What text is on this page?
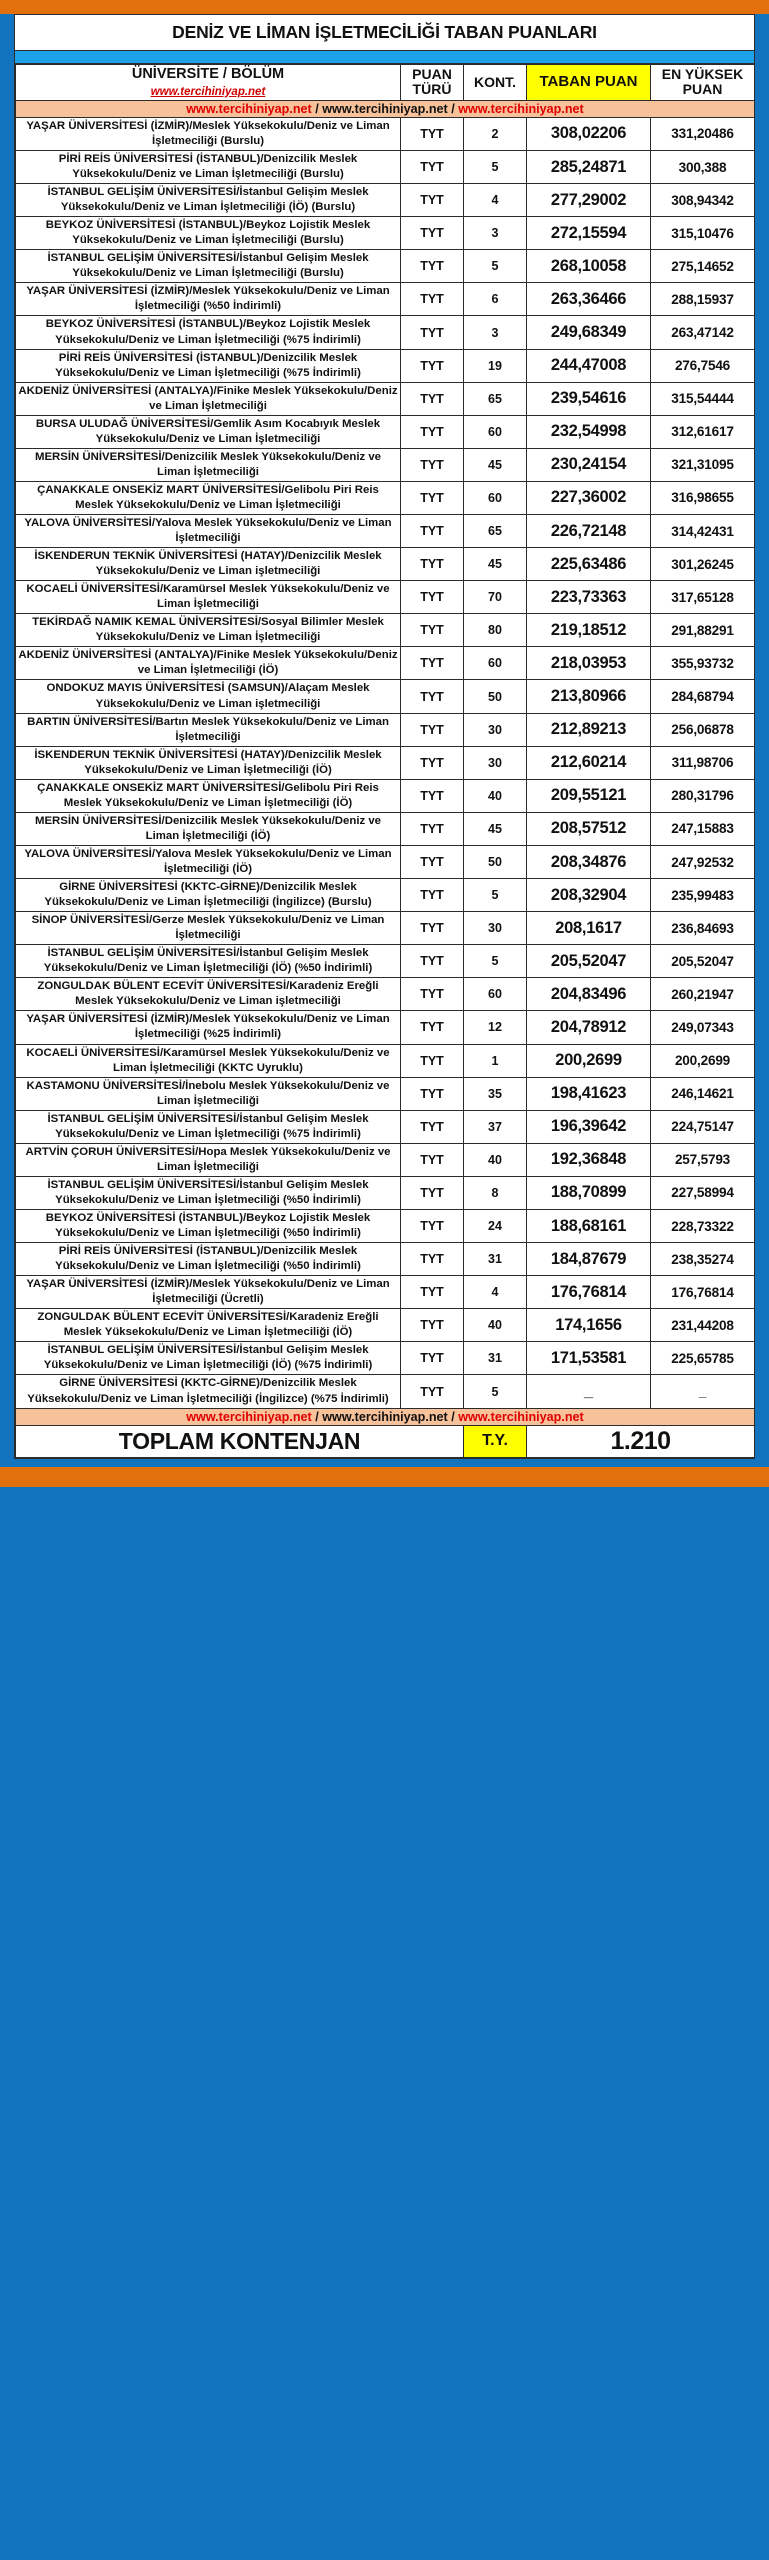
DENİZ VE LİMAN İŞLETMECİLİĞİ TABAN PUANLARI
ÜNİVERSİTE / BÖLÜM
www.tercihiniyap.net	PUAN TÜRÜ	KONT.	TABAN PUAN	EN YÜKSEK PUAN
www.tercihiniyap.net / www.tercihiniyap.net / www.tercihiniyap.net				
YAŞAR ÜNİVERSİTESİ (İZMİR)/Meslek Yüksekokulu/Deniz ve Liman İşletmeciliği (Burslu)	TYT	2	308,02206	331,20486
PİRİ REİS ÜNİVERSİTESİ (İSTANBUL)/Denizcilik Meslek Yüksekokulu/Deniz ve Liman İşletmeciliği (Burslu)	TYT	5	285,24871	300,388
İSTANBUL GELİŞİM ÜNİVERSİTESİ/İstanbul Gelişim Meslek Yüksekokulu/Deniz ve Liman İşletmeciliği (İÖ) (Burslu)	TYT	4	277,29002	308,94342
BEYKOZ ÜNİVERSİTESİ (İSTANBUL)/Beykoz Lojistik Meslek Yüksekokulu/Deniz ve Liman İşletmeciliği (Burslu)	TYT	3	272,15594	315,10476
İSTANBUL GELİŞİM ÜNİVERSİTESİ/İstanbul Gelişim Meslek Yüksekokulu/Deniz ve Liman İşletmeciliği (Burslu)	TYT	5	268,10058	275,14652
YAŞAR ÜNİVERSİTESİ (İZMİR)/Meslek Yüksekokulu/Deniz ve Liman İşletmeciliği (%50 İndirimli)	TYT	6	263,36466	288,15937
BEYKOZ ÜNİVERSİTESİ (İSTANBUL)/Beykoz Lojistik Meslek Yüksekokulu/Deniz ve Liman İşletmeciliği (%75 İndirimli)	TYT	3	249,68349	263,47142
PİRİ REİS ÜNİVERSİTESİ (İSTANBUL)/Denizcilik Meslek Yüksekokulu/Deniz ve Liman İşletmeciliği (%75 İndirimli)	TYT	19	244,47008	276,7546
AKDENİZ ÜNİVERSİTESİ (ANTALYA)/Finike Meslek Yüksekokulu/Deniz ve Liman İşletmeciliği	TYT	65	239,54616	315,54444
BURSA ULUDAĞ ÜNİVERSİTESİ/Gemlik Asım Kocabıyık Meslek Yüksekokulu/Deniz ve Liman İşletmeciliği	TYT	60	232,54998	312,61617
MERSİN ÜNİVERSİTESİ/Denizcilik Meslek Yüksekokulu/Deniz ve Liman İşletmeciliği	TYT	45	230,24154	321,31095
ÇANAKKALE ONSEKİZ MART ÜNİVERSİTESİ/Gelibolu Piri Reis Meslek Yüksekokulu/Deniz ve Liman İşletmeciliği	TYT	60	227,36002	316,98655
YALOVA ÜNİVERSİTESİ/Yalova Meslek Yüksekokulu/Deniz ve Liman İşletmeciliği	TYT	65	226,72148	314,42431
İSKENDERUN TEKNİK ÜNİVERSİTESİ (HATAY)/Denizcilik Meslek Yüksekokulu/Deniz ve Liman işletmeciliği	TYT	45	225,63486	301,26245
KOCAELİ ÜNİVERSİTESİ/Karamürsel Meslek Yüksekokulu/Deniz ve Liman İşletmeciliği	TYT	70	223,73363	317,65128
TEKİRDAĞ NAMIK KEMAL ÜNİVERSİTESİ/Sosyal Bilimler Meslek Yüksekokulu/Deniz ve Liman İşletmeciliği	TYT	80	219,18512	291,88291
AKDENİZ ÜNİVERSİTESİ (ANTALYA)/Finike Meslek Yüksekokulu/Deniz ve Liman İşletmeciliği (İÖ)	TYT	60	218,03953	355,93732
ONDOKUZ MAYIS ÜNİVERSİTESİ (SAMSUN)/Alaçam Meslek Yüksekokulu/Deniz ve Liman işletmeciliği	TYT	50	213,80966	284,68794
BARTIN ÜNİVERSİTESİ/Bartın Meslek Yüksekokulu/Deniz ve Liman İşletmeciliği	TYT	30	212,89213	256,06878
İSKENDERUN TEKNİK ÜNİVERSİTESİ (HATAY)/Denizcilik Meslek Yüksekokulu/Deniz ve Liman İşletmeciliği (İÖ)	TYT	30	212,60214	311,98706
ÇANAKKALE ONSEKİZ MART ÜNİVERSİTESİ/Gelibolu Piri Reis Meslek Yüksekokulu/Deniz ve Liman İşletmeciliği (İÖ)	TYT	40	209,55121	280,31796
MERSİN ÜNİVERSİTESİ/Denizcilik Meslek Yüksekokulu/Deniz ve Liman İşletmeciliği (İÖ)	TYT	45	208,57512	247,15883
YALOVA ÜNİVERSİTESİ/Yalova Meslek Yüksekokulu/Deniz ve Liman İşletmeciliği (İÖ)	TYT	50	208,34876	247,92532
GİRNE ÜNİVERSİTESİ (KKTC-GİRNE)/Denizcilik Meslek Yüksekokulu/Deniz ve Liman İşletmeciliği (İngilizce) (Burslu)	TYT	5	208,32904	235,99483
SİNOP ÜNİVERSİTESİ/Gerze Meslek Yüksekokulu/Deniz ve Liman İşletmeciliği	TYT	30	208,1617	236,84693
İSTANBUL GELİŞİM ÜNİVERSİTESİ/İstanbul Gelişim Meslek Yüksekokulu/Deniz ve Liman İşletmeciliği (İÖ) (%50 İndirimli)	TYT	5	205,52047	205,52047
ZONGULDAK BÜLENT ECEVİT ÜNİVERSİTESİ/Karadeniz Ereğli Meslek Yüksekokulu/Deniz ve Liman işletmeciliği	TYT	60	204,83496	260,21947
YAŞAR ÜNİVERSİTESİ (İZMİR)/Meslek Yüksekokulu/Deniz ve Liman İşletmeciliği (%25 İndirimli)	TYT	12	204,78912	249,07343
KOCAELİ ÜNİVERSİTESİ/Karamürsel Meslek Yüksekokulu/Deniz ve Liman İşletmeciliği (KKTC Uyruklu)	TYT	1	200,2699	200,2699
KASTAMONU ÜNİVERSİTESİ/İnebolu Meslek Yüksekokulu/Deniz ve Liman İşletmeciliği	TYT	35	198,41623	246,14621
İSTANBUL GELİŞİM ÜNİVERSİTESİ/İstanbul Gelişim Meslek Yüksekokulu/Deniz ve Liman İşletmeciliği (%75 İndirimli)	TYT	37	196,39642	224,75147
ARTVİN ÇORUH ÜNİVERSİTESİ/Hopa Meslek Yüksekokulu/Deniz ve Liman İşletmeciliği	TYT	40	192,36848	257,5793
İSTANBUL GELİŞİM ÜNİVERSİTESİ/İstanbul Gelişim Meslek Yüksekokulu/Deniz ve Liman İşletmeciliği (%50 İndirimli)	TYT	8	188,70899	227,58994
BEYKOZ ÜNİVERSİTESİ (İSTANBUL)/Beykoz Lojistik Meslek Yüksekokulu/Deniz ve Liman İşletmeciliği (%50 İndirimli)	TYT	24	188,68161	228,73322
PİRİ REİS ÜNİVERSİTESİ (İSTANBUL)/Denizcilik Meslek Yüksekokulu/Deniz ve Liman İşletmeciliği (%50 İndirimli)	TYT	31	184,87679	238,35274
YAŞAR ÜNİVERSİTESİ (İZMİR)/Meslek Yüksekokulu/Deniz ve Liman İşletmeciliği (Ücretli)	TYT	4	176,76814	176,76814
ZONGULDAK BÜLENT ECEVİT ÜNİVERSİTESİ/Karadeniz Ereğli Meslek Yüksekokulu/Deniz ve Liman İşletmeciliği (İÖ)	TYT	40	174,1656	231,44208
İSTANBUL GELİŞİM ÜNİVERSİTESİ/İstanbul Gelişim Meslek Yüksekokulu/Deniz ve Liman İşletmeciliği (İÖ) (%75 İndirimli)	TYT	31	171,53581	225,65785
GİRNE ÜNİVERSİTESİ (KKTC-GİRNE)/Denizcilik Meslek Yüksekokulu/Deniz ve Liman İşletmeciliği (İngilizce) (%75 İndirimli)	TYT	5	_	_
www.tercihiniyap.net / www.tercihiniyap.net / www.tercihiniyap.net				
TOPLAM KONTENJAN		T.Y.	1.210	
